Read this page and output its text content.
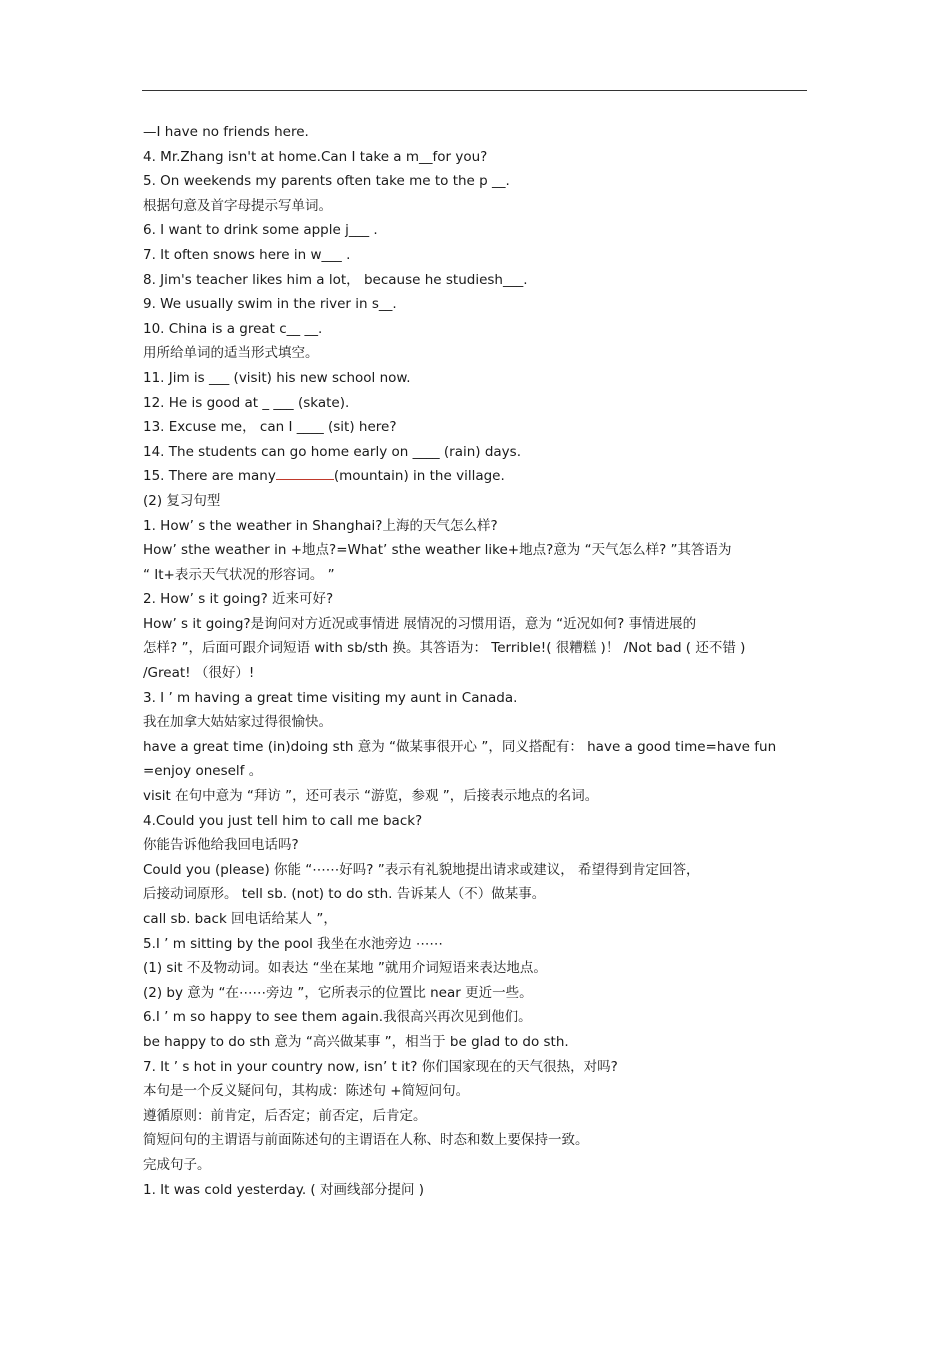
—I have no friends here.
4. Mr.Zhang isn't at home.Can I take a m__for you?
5. On weekends my parents often take me to the p __.
根据句意及首字母提示写单词。
6. I want to drink some apple j___ .
7. It often snows here in w___ .
8. Jim's teacher likes him a lot， because he studiesh___.
9. We usually swim in the river in s__.
10. China is a great c__ __.
用所给单词的适当形式填空。
11. Jim is ___ (visit) his new school now.
12. He is good at _ ___ (skate).
13. Excuse me， can I ____ (sit) here?
14. The students can go home early on ____ (rain) days.
15. There are many	(mountain) in the village.
(2) 复习句型
1. How’ s the weather in Shanghai?上海的天气怎么样?
How’ sthe weather in +地点?=What’ sthe weather like+地点?意为 “天气怎么样? ”其答语为
“ It+表示天气状况的形容词。 ”
2. How’ s it going? 近来可好?
How’ s it going?是询问对方近况或事情进 展情况的习惯用语，意为 “近况如何? 事情进展的
怎样? ”，后面可跟介词短语 with sb/sth 换。其答语为： Terrible!( 很糟糕 )！ /Not bad ( 还不错 )
/Great! （很好）!
3. I ’ m having a great time visiting my aunt in Canada.
我在加拿大姑姑家过得很愉快。
have a great time (in)doing sth 意为 “做某事很开心 ”，同义搭配有： have a good time=have fun
=enjoy oneself 。
visit 在句中意为 “拜访 ”，还可表示 “游览，参观 ”，后接表示地点的名词。
4.Could you just tell him to call me back?
你能告诉他给我回电话吗?
Could you (please) 你能 “⋯⋯好吗? ”表示有礼貌地提出请求或建议， 希望得到肯定回答，
后接动词原形。 tell sb. (not) to do sth. 告诉某人（不）做某事。
call sb. back 回电话给某人 ”，
5.I ’ m sitting by the pool 我坐在水池旁边 ⋯⋯
(1) sit 不及物动词。如表达 “坐在某地 ”就用介词短语来表达地点。
(2) by 意为 “在⋯⋯旁边 ”，它所表示的位置比 near 更近一些。
6.I ’ m so happy to see them again.我很高兴再次见到他们。
be happy to do sth 意为 “高兴做某事 ”，相当于 be glad to do sth.
7. It ’ s hot in your country now, isn’ t it? 你们国家现在的天气很热，对吗?
本句是一个反义疑问句，其构成：陈述句 +简短问句。
遵循原则：前肯定，后否定；前否定，后肯定。
简短问句的主谓语与前面陈述句的主谓语在人称、时态和数上要保持一致。
完成句子。
1. It was cold yesterday. ( 对画线部分提问 )
